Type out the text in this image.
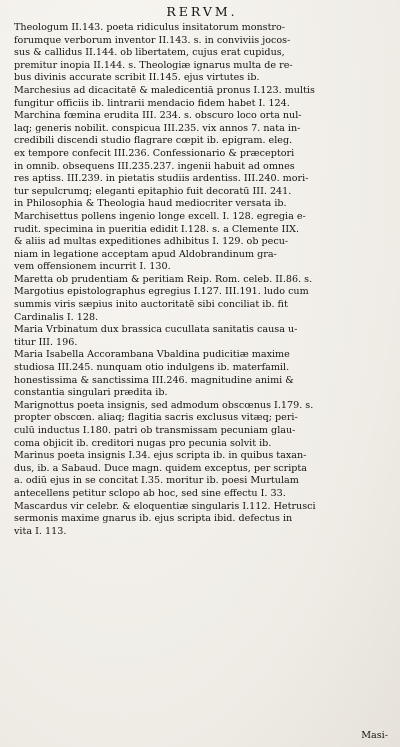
RERVM.
Theologum II.143. poeta ridiculus insitatorum monstro-
forumque verborum inventor II.143. s. in conviviis jocos-
sus & callidus II.144. ob libertatem, cujus erat cupidus,
premitur inopia II.144. s. Theologiæ ignarus multa de re-
bus divinis accurate scribit II.145. ejus virtutes ib.
Marchesius ad dicacitatē & maledicentiā pronus I.123. multis
fungitur officiis ib. lintrarii mendacio fidem habet I. 124.
Marchina fœmina erudita III. 234. s. obscuro loco orta nul-
laq; generis nobilit. conspicua III.235. vix annos 7. nata in-
credibili discendi studio flagrare cœpit ib. epigram. eleg.
ex tempore confecit III.236. Confessionario & præceptori
in omnib. obsequens III.235.237. ingenii habuit ad omnes
res aptiss. III.239. in pietatis studiis ardentiss. III.240. mori-
tur sepulcrumq; eleganti epitaphio fuit decoratū III. 241.
in Philosophia & Theologia haud mediocriter versata ib.
Marchisettus pollens ingenio longe excell. I. 128. egregia e-
rudit. specimina in pueritia edidit I.128. s. a Clemente IIX.
& aliis ad multas expeditiones adhibitus I. 129. ob pecu-
niam in legatione acceptam apud Aldobrandinum gra-
vem offensionem incurrit I. 130.
Maretta ob prudentiam & peritiam Reip. Rom. celeb. II.86. s.
Margotius epistolographus egregius I.127. III.191. ludo cum
summis viris sæpius inito auctoritatē sibi conciliat ib. fit
Cardinalis I. 128.
Maria Vrbinatum dux brassica cucullata sanitatis causa u-
titur III. 196.
Maria Isabella Accorambana Vbaldina pudicitiæ maxime
studiosa III.245. nunquam otio indulgens ib. materfamil.
honestissima & sanctissima III.246. magnitudine animi &
constantia singulari prædita ib.
Marignottus poeta insignis, sed admodum obscœnus I.179. s.
propter obscœn. aliaq; flagitia sacris exclusus vitæq; peri-
culū inductus I.180. patri ob transmissam pecuniam glau-
coma objicit ib. creditori nugas pro pecunia solvit ib.
Marinus poeta insignis I.34. ejus scripta ib. in quibus taxan-
dus, ib. a Sabaud. Duce magn. quidem exceptus, per scripta
a. odiū ejus in se concitat I.35. moritur ib. poesi Murtulam
antecellens petitur sclopo ab hoc, sed sine effectu I. 33.
Mascardus vir celebr. & eloquentiæ singularis I.112. Hetrusci
sermonis maxime gnarus ib. ejus scripta ibid. defectus in
vita I. 113.
Masi-
